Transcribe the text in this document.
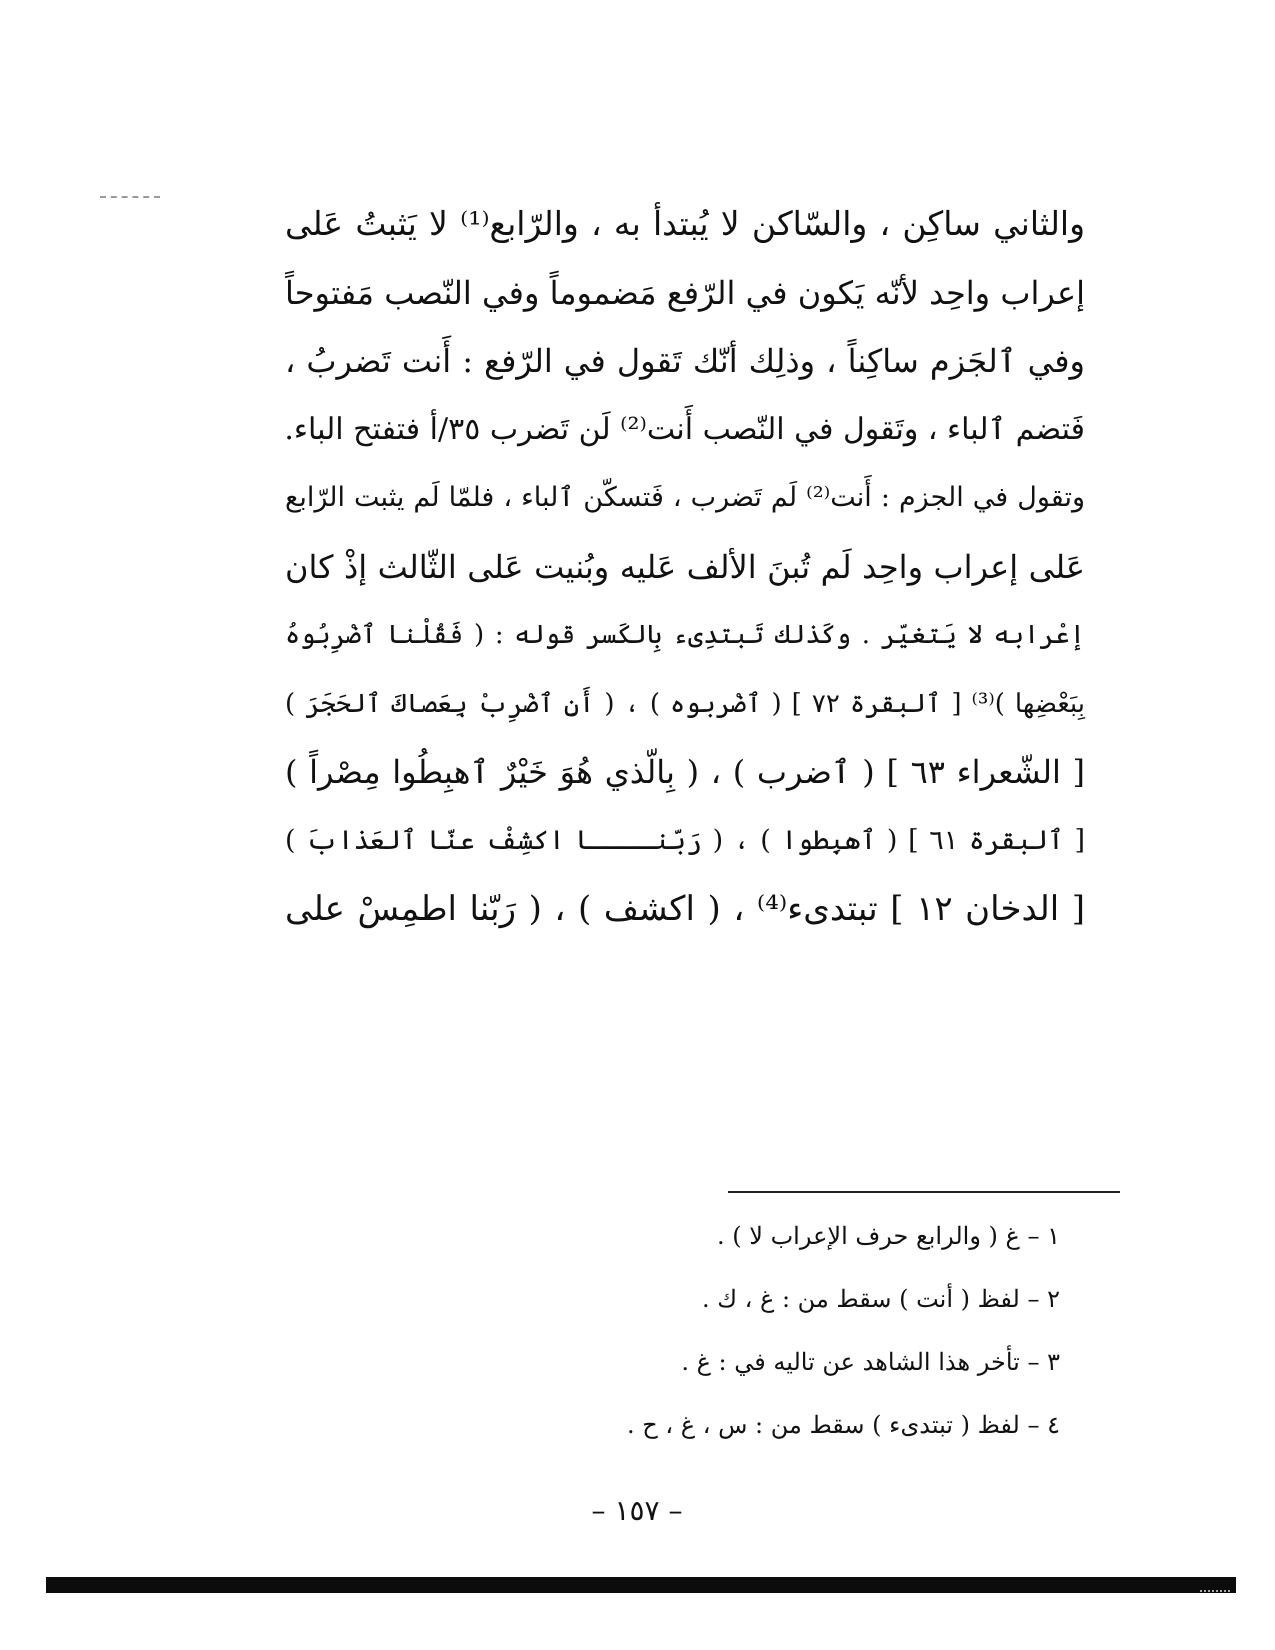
والثاني ساكِن ، والسّاكن لا يُبتدأ به ، والرّابع⁽¹⁾ لا يَثبتُ عَلى
إعراب واحِد لأنّه يَكون في الرّفع مَضموماً وفي النّصب مَفتوحاً
وفي ٱلجَزم ساكِناً ، وذلِك أنّك تَقول في الرّفع : أَنت تَضربُ ،
فَتضم ٱلباء ، وتَقول في النّصب أَنت⁽²⁾ لَن تَضرب ٣٥/أ فتفتح الباء.
وتقول في الجزم : أَنت⁽²⁾ لَم تَضرب ، فَتسكّن ٱلباء ، فلمّا لَم يثبت الرّابع
عَلى إعراب واحِد لَم تُبنَ الألف عَليه وبُنيت عَلى الثّالث إذْ كان
إعْرابه لا يَتغيّر . وكَذلك تَبتدِىء بِالكَسر قوله : ( فَقُلْنا ٱضْرِبُوهُ
بِبَعْضِها )⁽³⁾ [ ٱلبقرة ٧٢ ] ( ٱضْربوه ) ، ( أَنِ ٱضْرِبْ بِعَصاكَ ٱلحَجَرَ )
[ الشّعراء ٦٣ ] ( ٱضرب ) ، ( بِالّذي هُوَ خَيْرٌ ٱهبِطُوا مِصْراً )
[ ٱلبقرة ٦١ ] ( ٱهبِطوا ) ، ( رَبّنــــا اكشِفْ عنّا ٱلعَذابَ )
[ الدخان ١٢ ] تبتدىء⁽⁴⁾ ، ( اكشف ) ، ( رَبّنا اطمِسْ على
١ – غ ( والرابع حرف الإعراب لا ) .
٢ – لفظ ( أنت ) سقط من : غ ، ك .
٣ – تأخر هذا الشاهد عن تاليه في : غ .
٤ – لفظ ( تبتدىء ) سقط من : س ، غ ، ح .
– ١٥٧ –
